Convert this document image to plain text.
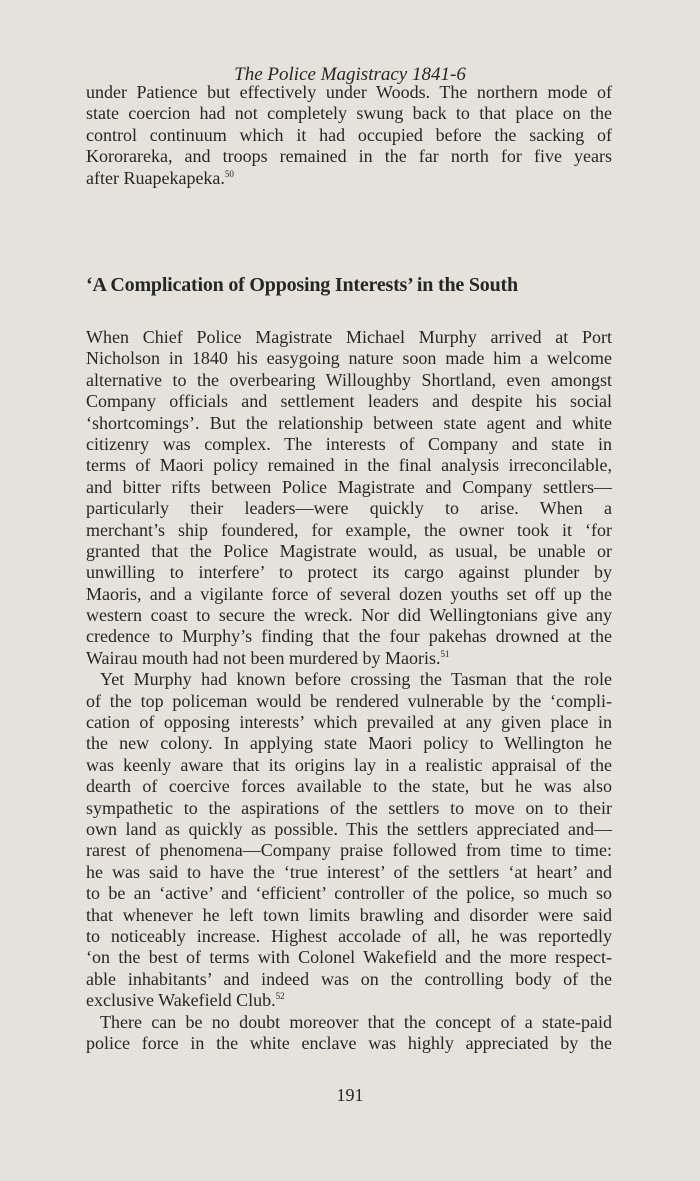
The Police Magistracy 1841-6
under Patience but effectively under Woods. The northern mode of
state coercion had not completely swung back to that place on the
control continuum which it had occupied before the sacking of
Kororareka, and troops remained in the far north for five years
after Ruapekapeka.$^{50}$
‘A Complication of Opposing Interests’ in the South
When Chief Police Magistrate Michael Murphy arrived at Port
Nicholson in 1840 his easygoing nature soon made him a welcome
alternative to the overbearing Willoughby Shortland, even amongst
Company officials and settlement leaders and despite his social
‘shortcomings’. But the relationship between state agent and white
citizenry was complex. The interests of Company and state in
terms of Maori policy remained in the final analysis irreconcilable,
and bitter rifts between Police Magistrate and Company settlers—
particularly their leaders—were quickly to arise. When a
merchant’s ship foundered, for example, the owner took it ‘for
granted that the Police Magistrate would, as usual, be unable or
unwilling to interfere’ to protect its cargo against plunder by
Maoris, and a vigilante force of several dozen youths set off up the
western coast to secure the wreck. Nor did Wellingtonians give any
credence to Murphy’s finding that the four pakehas drowned at the
Wairau mouth had not been murdered by Maoris.$^{51}$
Yet Murphy had known before crossing the Tasman that the role
of the top policeman would be rendered vulnerable by the ‘compli-
cation of opposing interests’ which prevailed at any given place in
the new colony. In applying state Maori policy to Wellington he
was keenly aware that its origins lay in a realistic appraisal of the
dearth of coercive forces available to the state, but he was also
sympathetic to the aspirations of the settlers to move on to their
own land as quickly as possible. This the settlers appreciated and—
rarest of phenomena—Company praise followed from time to time:
he was said to have the ‘true interest’ of the settlers ‘at heart’ and
to be an ‘active’ and ‘efficient’ controller of the police, so much so
that whenever he left town limits brawling and disorder were said
to noticeably increase. Highest accolade of all, he was reportedly
‘on the best of terms with Colonel Wakefield and the more respect-
able inhabitants’ and indeed was on the controlling body of the
exclusive Wakefield Club.$^{52}$
There can be no doubt moreover that the concept of a state-paid
police force in the white enclave was highly appreciated by the
191
